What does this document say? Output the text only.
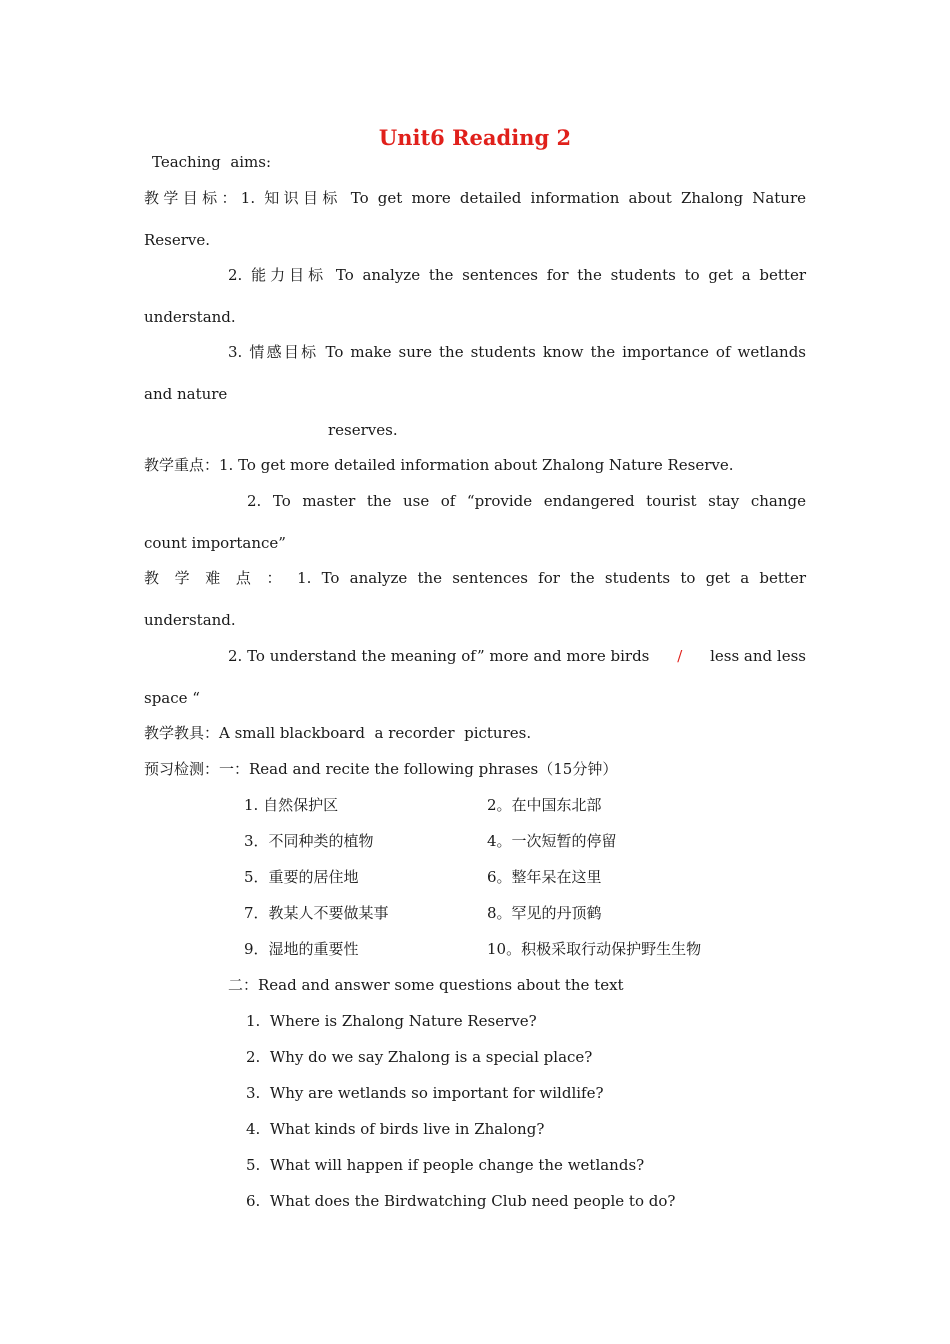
Unit6 Reading 2
Teaching  aims:
教学目标：1. 知识目标 To get more detailed information about Zhalong Nature
Reserve.
2. 能力目标 To analyze the sentences for the students to get a better
understand.
3. 情感目标 To make sure the students know the importance of wetlands
and nature
reserves.
教学重点：1. To get more detailed information about Zhalong Nature Reserve.
2. To master the use of “provide endangered tourist stay change
count importance”
教 学 难 点 ： 1. To analyze the sentences for the students to get a better
understand.
2. To understand the meaning of” more and more birds / less and less
space “
教学教具：A small blackboard  a recorder  pictures.
预习检测：一：Read and recite the following phrases（15分钟）
1. 自然保护区	2。在中国东北部
3．不同种类的植物	4。一次短暂的停留
5．重要的居住地	6。整年呆在这里
7．教某人不要做某事	8。罕见的丹顶鹤
9．湿地的重要性	10。积极采取行动保护野生生物
二：Read and answer some questions about the text
1.  Where is Zhalong Nature Reserve?
2.  Why do we say Zhalong is a special place?
3.  Why are wetlands so important for wildlife?
4.  What kinds of birds live in Zhalong?
5.  What will happen if people change the wetlands?
6.  What does the Birdwatching Club need people to do?
